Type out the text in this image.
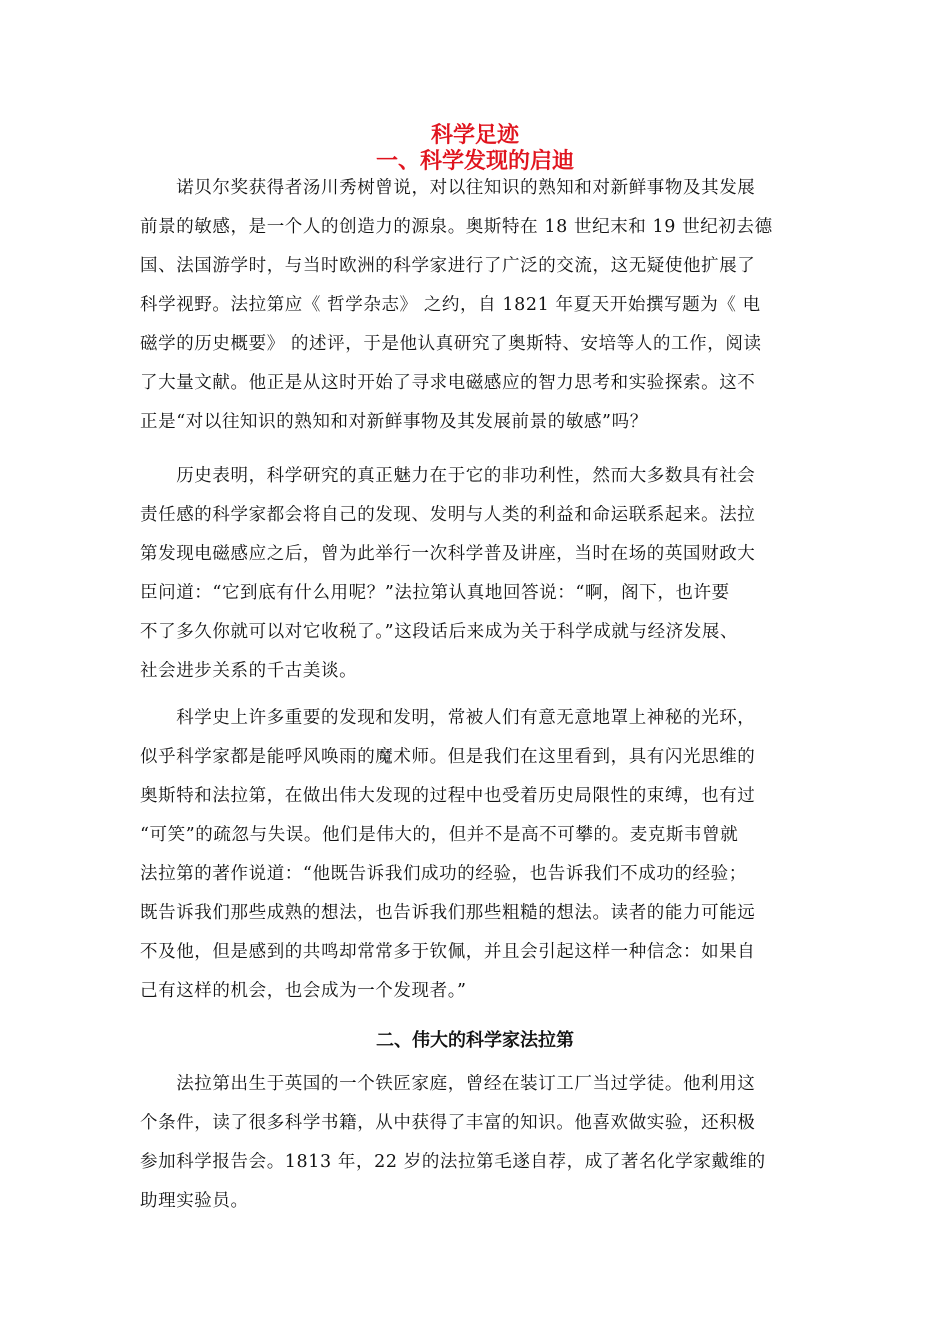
科学足迹
一、科学发现的启迪

　　诺贝尔奖获得者汤川秀树曾说，对以往知识的熟知和对新鲜事物及其发展
前景的敏感，是一个人的创造力的源泉。奥斯特在 18 世纪末和 19 世纪初去德
国、法国游学时，与当时欧洲的科学家进行了广泛的交流，这无疑使他扩展了
科学视野。法拉第应《 哲学杂志》 之约，自 1821 年夏天开始撰写题为《 电
磁学的历史概要》 的述评，于是他认真研究了奥斯特、安培等人的工作，阅读
了大量文献。他正是从这时开始了寻求电磁感应的智力思考和实验探索。这不
正是“对以往知识的熟知和对新鲜事物及其发展前景的敏感”吗？

　　历史表明，科学研究的真正魅力在于它的非功利性，然而大多数具有社会
责任感的科学家都会将自己的发现、发明与人类的利益和命运联系起来。法拉
第发现电磁感应之后，曾为此举行一次科学普及讲座，当时在场的英国财政大
臣问道：“它到底有什么用呢？”法拉第认真地回答说：“啊，阁下，也许要
不了多久你就可以对它收税了。”这段话后来成为关于科学成就与经济发展、
社会进步关系的千古美谈。

　　科学史上许多重要的发现和发明，常被人们有意无意地罩上神秘的光环，
似乎科学家都是能呼风唤雨的魔术师。但是我们在这里看到，具有闪光思维的
奥斯特和法拉第，在做出伟大发现的过程中也受着历史局限性的束缚，也有过
“可笑”的疏忽与失误。他们是伟大的，但并不是高不可攀的。麦克斯韦曾就
法拉第的著作说道：“他既告诉我们成功的经验，也告诉我们不成功的经验；
既告诉我们那些成熟的想法，也告诉我们那些粗糙的想法。读者的能力可能远
不及他，但是感到的共鸣却常常多于钦佩，并且会引起这样一种信念：如果自
己有这样的机会，也会成为一个发现者。”

二、伟大的科学家法拉第

　　法拉第出生于英国的一个铁匠家庭，曾经在装订工厂当过学徒。他利用这
个条件，读了很多科学书籍，从中获得了丰富的知识。他喜欢做实验，还积极
参加科学报告会。1813 年，22 岁的法拉第毛遂自荐，成了著名化学家戴维的
助理实验员。
